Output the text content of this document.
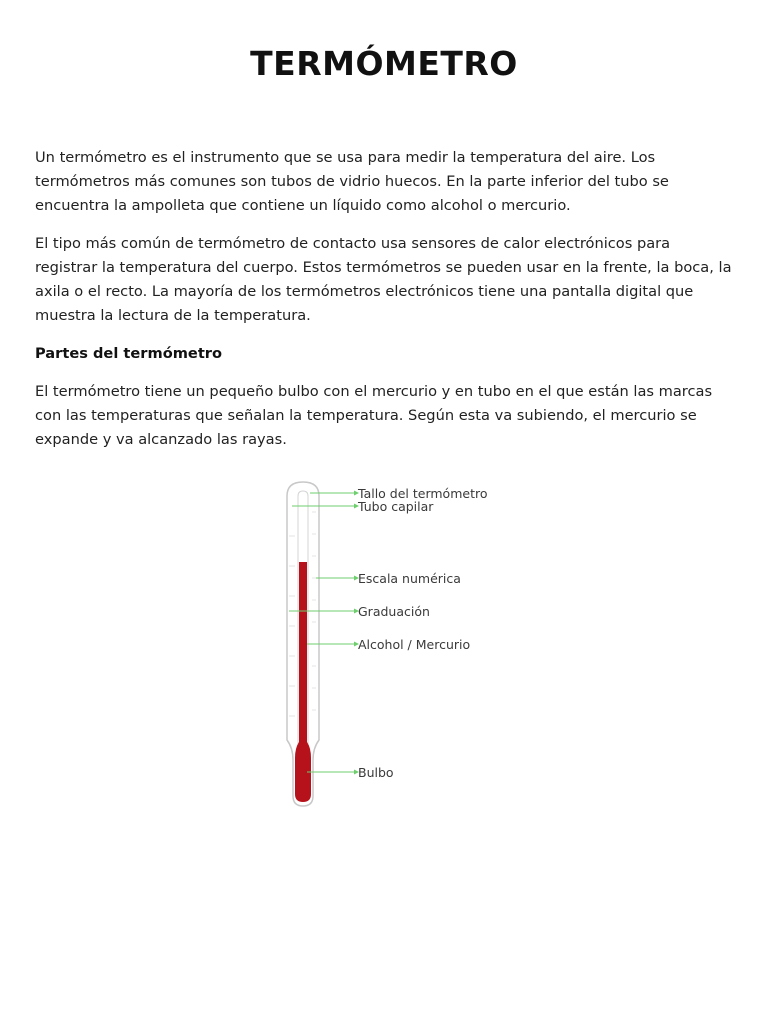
TERMÓMETRO

Un termómetro es el instrumento que se usa para medir la temperatura del aire. Los termómetros más comunes son tubos de vidrio huecos. En la parte inferior del tubo se encuentra la ampolleta que contiene un líquido como alcohol o mercurio.

El tipo más común de termómetro de contacto usa sensores de calor electrónicos para registrar la temperatura del cuerpo. Estos termómetros se pueden usar en la frente, la boca, la axila o el recto. La mayoría de los termómetros electrónicos tiene una pantalla digital que muestra la lectura de la temperatura.

Partes del termómetro

El termómetro tiene un pequeño bulbo con el mercurio y en tubo en el que están las marcas con las temperaturas que señalan la temperatura. Según esta va subiendo, el mercurio se expande y va alcanzado las rayas.

Tallo del termómetro
Tubo capilar
Escala numérica
Graduación
Alcohol / Mercurio
Bulbo
